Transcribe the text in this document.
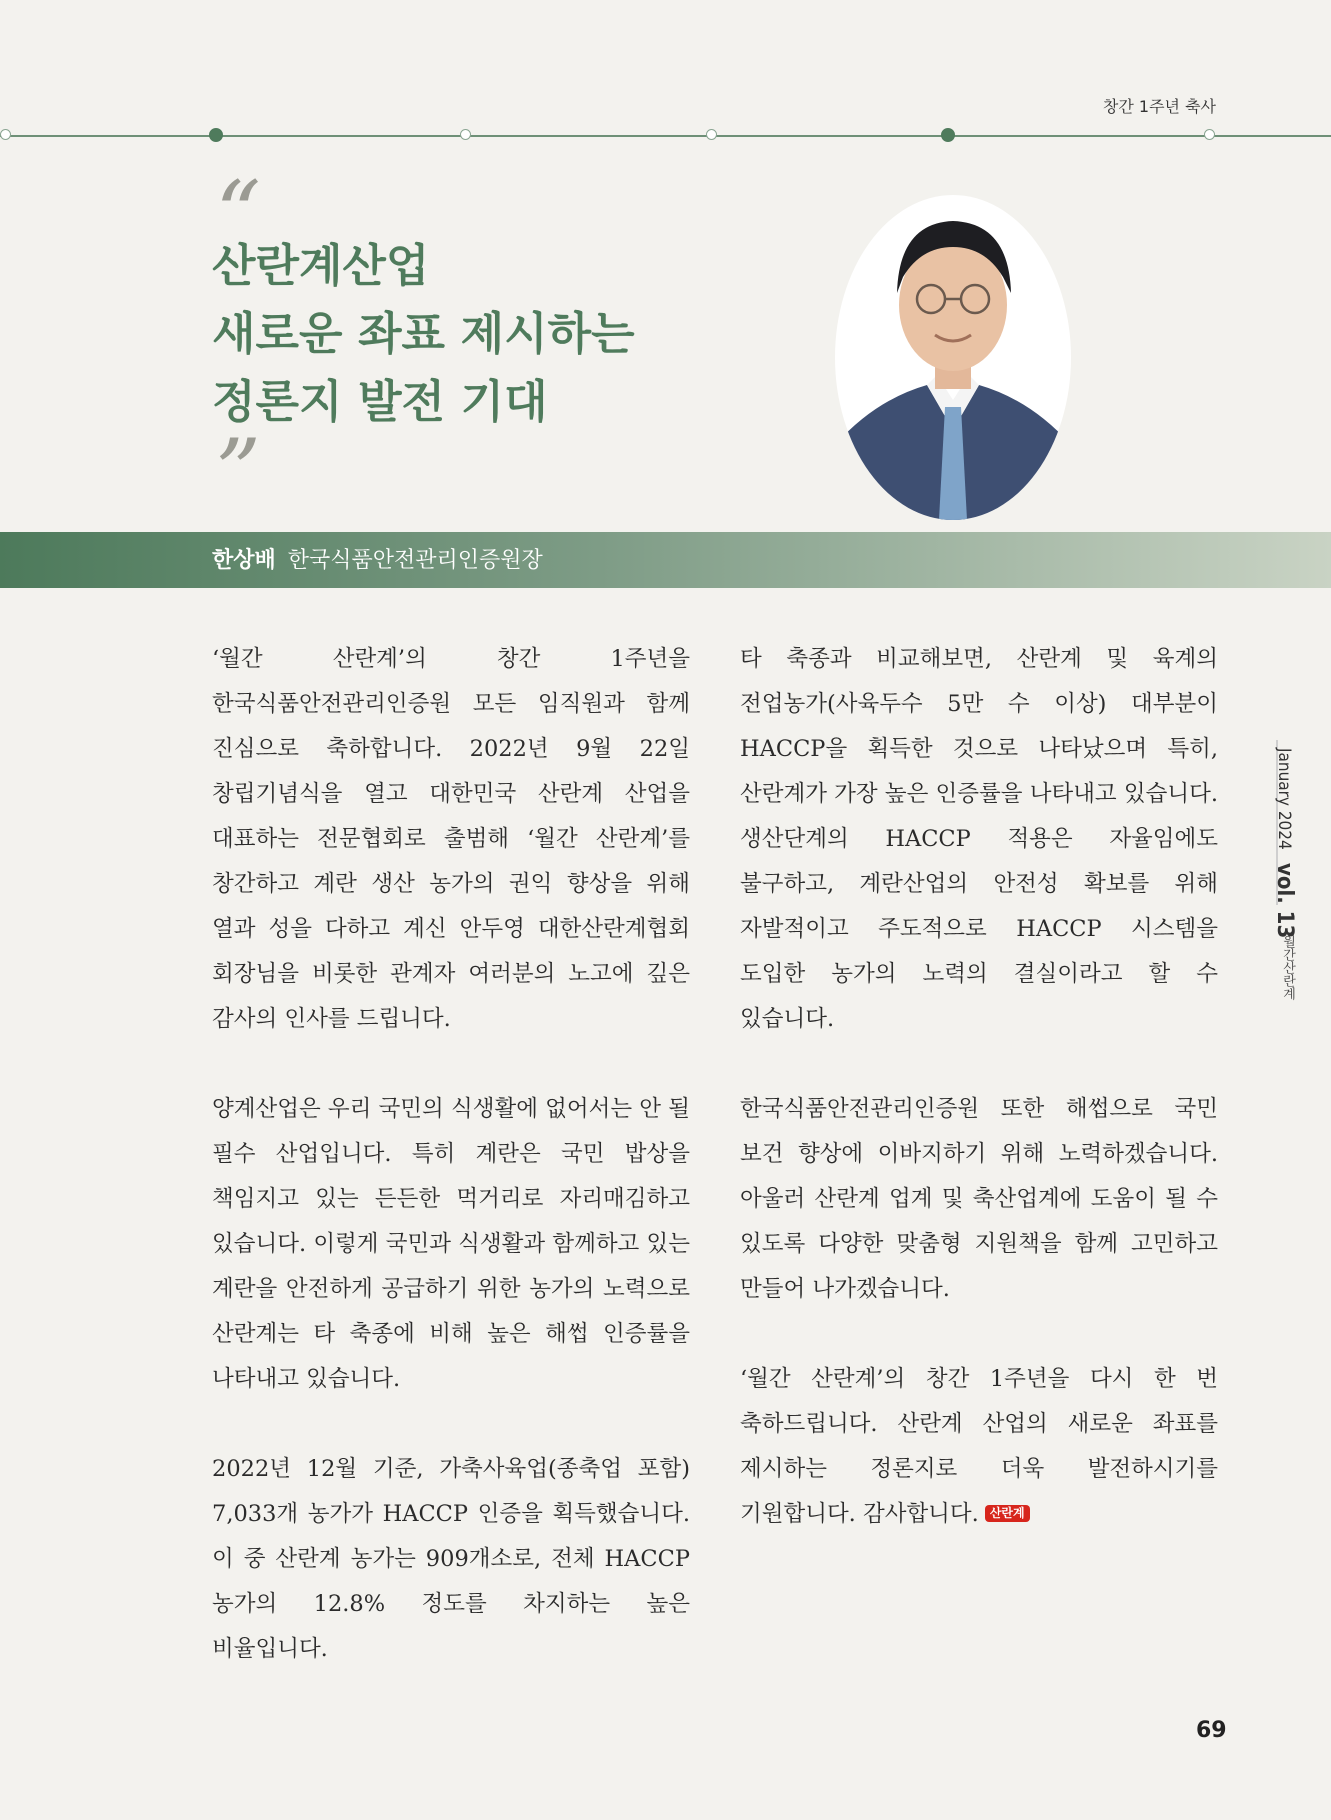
창간 1주년 축사
“
산란계산업
새로운 좌표 제시하는
정론지 발전 기대
”
한상배 한국식품안전관리인증원장

‘월간 산란계’의 창간 1주년을 한국식품안전관리인증원 모든 임직원과 함께 진심으로 축하합니다. 2022년 9월 22일 창립기념식을 열고 대한민국 산란계 산업을 대표하는 전문협회로 출범해 ‘월간 산란계’를 창간하고 계란 생산 농가의 권익 향상을 위해 열과 성을 다하고 계신 안두영 대한산란계협회 회장님을 비롯한 관계자 여러분의 노고에 깊은 감사의 인사를 드립니다.

양계산업은 우리 국민의 식생활에 없어서는 안 될 필수 산업입니다. 특히 계란은 국민 밥상을 책임지고 있는 든든한 먹거리로 자리매김하고 있습니다. 이렇게 국민과 식생활과 함께하고 있는 계란을 안전하게 공급하기 위한 농가의 노력으로 산란계는 타 축종에 비해 높은 해썹 인증률을 나타내고 있습니다.

2022년 12월 기준, 가축사육업(종축업 포함) 7,033개 농가가 HACCP 인증을 획득했습니다. 이 중 산란계 농가는 909개소로, 전체 HACCP 농가의 12.8% 정도를 차지하는 높은 비율입니다.

타 축종과 비교해보면, 산란계 및 육계의 전업농가(사육두수 5만 수 이상) 대부분이 HACCP을 획득한 것으로 나타났으며 특히, 산란계가 가장 높은 인증률을 나타내고 있습니다. 생산단계의 HACCP 적용은 자율임에도 불구하고, 계란산업의 안전성 확보를 위해 자발적이고 주도적으로 HACCP 시스템을 도입한 농가의 노력의 결실이라고 할 수 있습니다.

한국식품안전관리인증원 또한 해썹으로 국민 보건 향상에 이바지하기 위해 노력하겠습니다. 아울러 산란계 업계 및 축산업계에 도움이 될 수 있도록 다양한 맞춤형 지원책을 함께 고민하고 만들어 나가겠습니다.

‘월간 산란계’의 창간 1주년을 다시 한 번 축하드립니다. 산란계 산업의 새로운 좌표를 제시하는 정론지로 더욱 발전하시기를 기원합니다. 감사합니다. 산란계

January 2024 vol. 13
월간산란계
69
